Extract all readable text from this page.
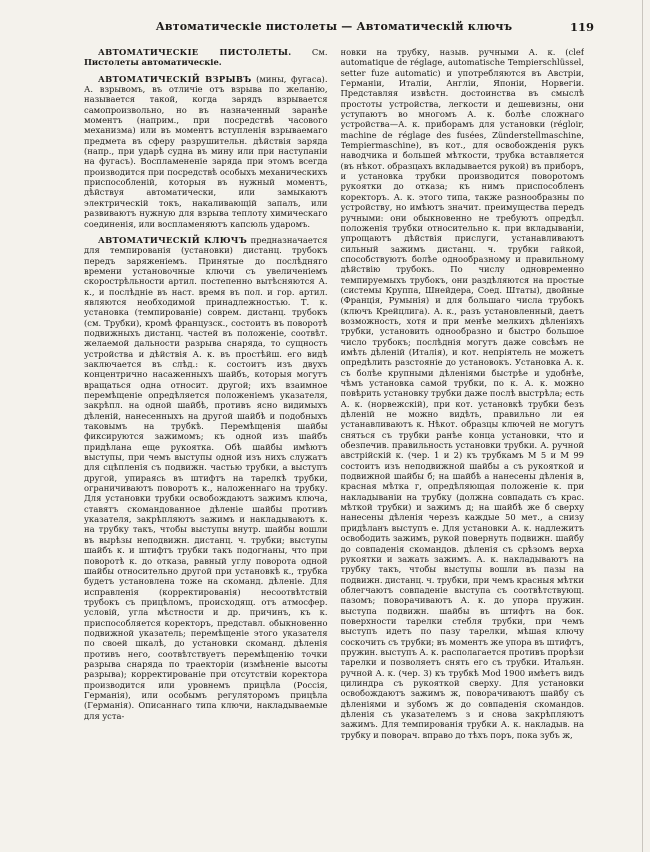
Автоматическіе пистолеты — Автоматическій ключъ	119

АВТОМАТИЧЕСКІЕ ПИСТОЛЕТЫ. См. Пистолеты автоматическіе.

АВТОМАТИЧЕСКІЙ ВЗРЫВЪ (мины, фугаса). А. взрывомъ, въ отличіе отъ взрыва по желанію, называется такой, когда зарядъ взрывается самопроизвольно, но въ назначенный заранѣе моментъ (наприм., при посредствѣ часового механизма) или въ моментъ вступленія взрываемаго предмета въ сферу разрушительн. дѣйствія заряда (напр., при ударѣ судна въ мину или при наступаніи на фугасъ). Воспламененіе заряда при этомъ всегда производится при посредствѣ особыхъ механическихъ приспособленій, которыя въ нужный моментъ, дѣйствуя автоматически, или замыкаютъ электрическій токъ, накаливающій запалъ, или развиваютъ нужную для взрыва теплоту химическаго соединенія, или воспламеняютъ капсюль ударомъ.

АВТОМАТИЧЕСКІЙ КЛЮЧЪ предназначается для темпированія (установки) дистанц. трубокъ передъ заряженіемъ. Принятые до послѣдняго времени установочные ключи съ увеличеніемъ скорострѣльности артил. постепенно вытѣсняются А. к., и послѣдніе въ наст. время въ пол. и гор. артил. являются необходимой принадлежностью. Т. к. установка (темпированіе) соврем. дистанц. трубокъ (см. Трубки), кромѣ французск., состоитъ въ поворотѣ подвижныхъ дистанц. частей въ положеніе, соотвѣт. желаемой дальности разрыва снаряда, то сущность устройства и дѣйствія А. к. въ простѣйш. его видѣ заключается въ слѣд.: к. состоитъ изъ двухъ концентрично насаженныхъ шайбъ, которыя могутъ вращаться одна относит. другой; ихъ взаимное перемѣщеніе опредѣляется положеніемъ указателя, закрѣпл. на одной шайбѣ, противъ ясно видимыхъ дѣленій, нанесенныхъ на другой шайбѣ и подобныхъ таковымъ на трубкѣ. Перемѣщенія шайбы фиксируются зажимомъ; къ одной изъ шайбъ придѣлана еще рукоятка. Обѣ шайбы имѣютъ выступы, при чемъ выступы одной изъ нихъ служатъ для сцѣпленія съ подвижн. частью трубки, а выступъ другой, упираясь въ штифтъ на тарелкѣ трубки, ограничиваютъ поворотъ к., наложеннаго на трубку. Для установки трубки освобождаютъ зажимъ ключа, ставятъ скомандованное дѣленіе шайбы противъ указателя, закрѣпляютъ зажимъ и накладываютъ к. на трубку такъ, чтобы выступы внутр. шайбы вошли въ вырѣзы неподвижн. дистанц. ч. трубки; выступы шайбъ к. и штифтъ трубки такъ подогнаны, что при поворотѣ к. до отказа, равный углу поворота одной шайбы относительно другой при установкѣ к., трубка будетъ установлена тоже на скоманд. дѣленіе. Для исправленія (корректированія) несоотвѣтствій трубокъ съ прицѣломъ, происходящ. отъ атмосфер. условій, угла мѣстности и др. причинъ, къ к. приспособляется коректоръ, представл. обыкновенно подвижной указатель; перемѣщеніе этого указателя по своей шкалѣ, до установки скоманд. дѣленія противъ него, соотвѣтствуетъ перемѣщенію точки разрыва снаряда по траекторіи (измѣненіе высоты разрыва); корректированіе при отсутствіи коректора производится или уровнемъ прицѣла (Россія, Германія), или особымъ регуляторомъ прицѣла (Германія). Описаннаго типа ключи, накладываемые для уста-

новки на трубку, назыв. ручными А. к. (clef automatique de réglage, automatische Tempierschlüssel, setter fuze automatic) и употребляются въ Австріи, Германіи, Италіи, Англіи, Японіи, Норвегіи. Представляя извѣстн. достоинства въ смыслѣ простоты устройства, легкости и дешевизны, они уступаютъ во многомъ А. к. болѣе сложнаго устройства—А. к. приборамъ для установки (régloir, machine de réglage des fusées, Zünderstellmaschine, Tempiermaschine), въ кот., для освобожденія рукъ наводчика и большей мѣткости, трубка вставляется (въ нѣкот. образцахъ вкладывается рукой) въ приборъ, и установка трубки производится поворотомъ рукоятки до отказа; къ нимъ приспособленъ коректоръ. А. к. этого типа, также разнообразны по устройству, но имѣютъ значит. преимущества передъ ручными: они обыкновенно не требуютъ опредѣл. положенія трубки относительно к. при вкладываніи, упрощаютъ дѣйствія прислуги, устанавливаютъ сильный зажимъ дистанц. ч. трубки гайкой, способствуютъ болѣе однообразному и правильному дѣйствію трубокъ. По числу одновременно темпируемыхъ трубокъ, они раздѣляются на простые (системы Круппа, Шнейдера, Соед. Штаты), двойные (Франція, Румынія) и для большаго числа трубокъ (ключъ Крейцлига). А. к., разъ установленный, даетъ возможность, хотя и при менѣе мелкихъ дѣленіяхъ трубки, установить однообразно и быстро большое число трубокъ; послѣднія могутъ даже совсѣмъ не имѣть дѣленій (Италія), и кот. непріятель не можетъ опредѣлить разстояніе до установокъ. Установка А. к. съ болѣе крупными дѣленіями быстрѣе и удобнѣе, чѣмъ установка самой трубки, по к. А. к. можно повѣрить установку трубки даже послѣ выстрѣла; есть А. к. (норвежскій), при кот. установкѣ трубки безъ дѣленій не можно видѣть, правильно ли ея устанавливаютъ к. Нѣкот. образцы ключей не могутъ сняться съ трубки ранѣе конца установки, что и обезпечив. правильность установки трубки. А. ручной австрійскій к. (чер. 1 и 2) къ трубкамъ М 5 и М 99 состоитъ изъ неподвижной шайбы а съ рукояткой и подвижной шайбы б; на шайбѣ а нанесены дѣленія в, красная мѣтка г, опредѣляющая положеніе к. при накладываніи на трубку (должна совпадать съ крас. мѣткой трубки) и зажимъ д; на шайбѣ же б сверху нанесены дѣленія черезъ каждые 50 мет., а снизу придѣланъ выступъ е. Для установки А. к. надлежитъ освободить зажимъ, рукой повернуть подвижн. шайбу до совпаденія скомандов. дѣленія съ срѣзомъ верха рукоятки и зажать зажимъ. А. к. накладываютъ на трубку такъ, чтобы выступы вошли въ пазы на подвижн. дистанц. ч. трубки, при чемъ красныя мѣтки облегчаютъ совпаденіе выступа съ соотвѣтствующ. пазомъ; поворачиваютъ А. к. до упора пружин. выступа подвижн. шайбы въ штифтъ на бок. поверхности тарелки стебля трубки, при чемъ выступъ идетъ по пазу тарелки, мѣшая ключу соскочить съ трубки; въ моментъ же упора въ штифтъ, пружин. выступъ А. к. располагается противъ прорѣзи тарелки и позволяетъ снять его съ трубки. Итальян. ручной А. к. (чер. 3) къ трубкѣ Mod 1900 имѣетъ видъ цилиндра съ рукояткой сверху. Для установки освобождаютъ зажимъ ж, поворачиваютъ шайбу съ дѣленіями и зубомъ ж до совпаденія скомандов. дѣленія съ указателемъ з и снова закрѣпляютъ зажимъ. Для темпированія трубки А. к. накладыв. на трубку и поворач. вправо до тѣхъ поръ, пока зубъ ж,
